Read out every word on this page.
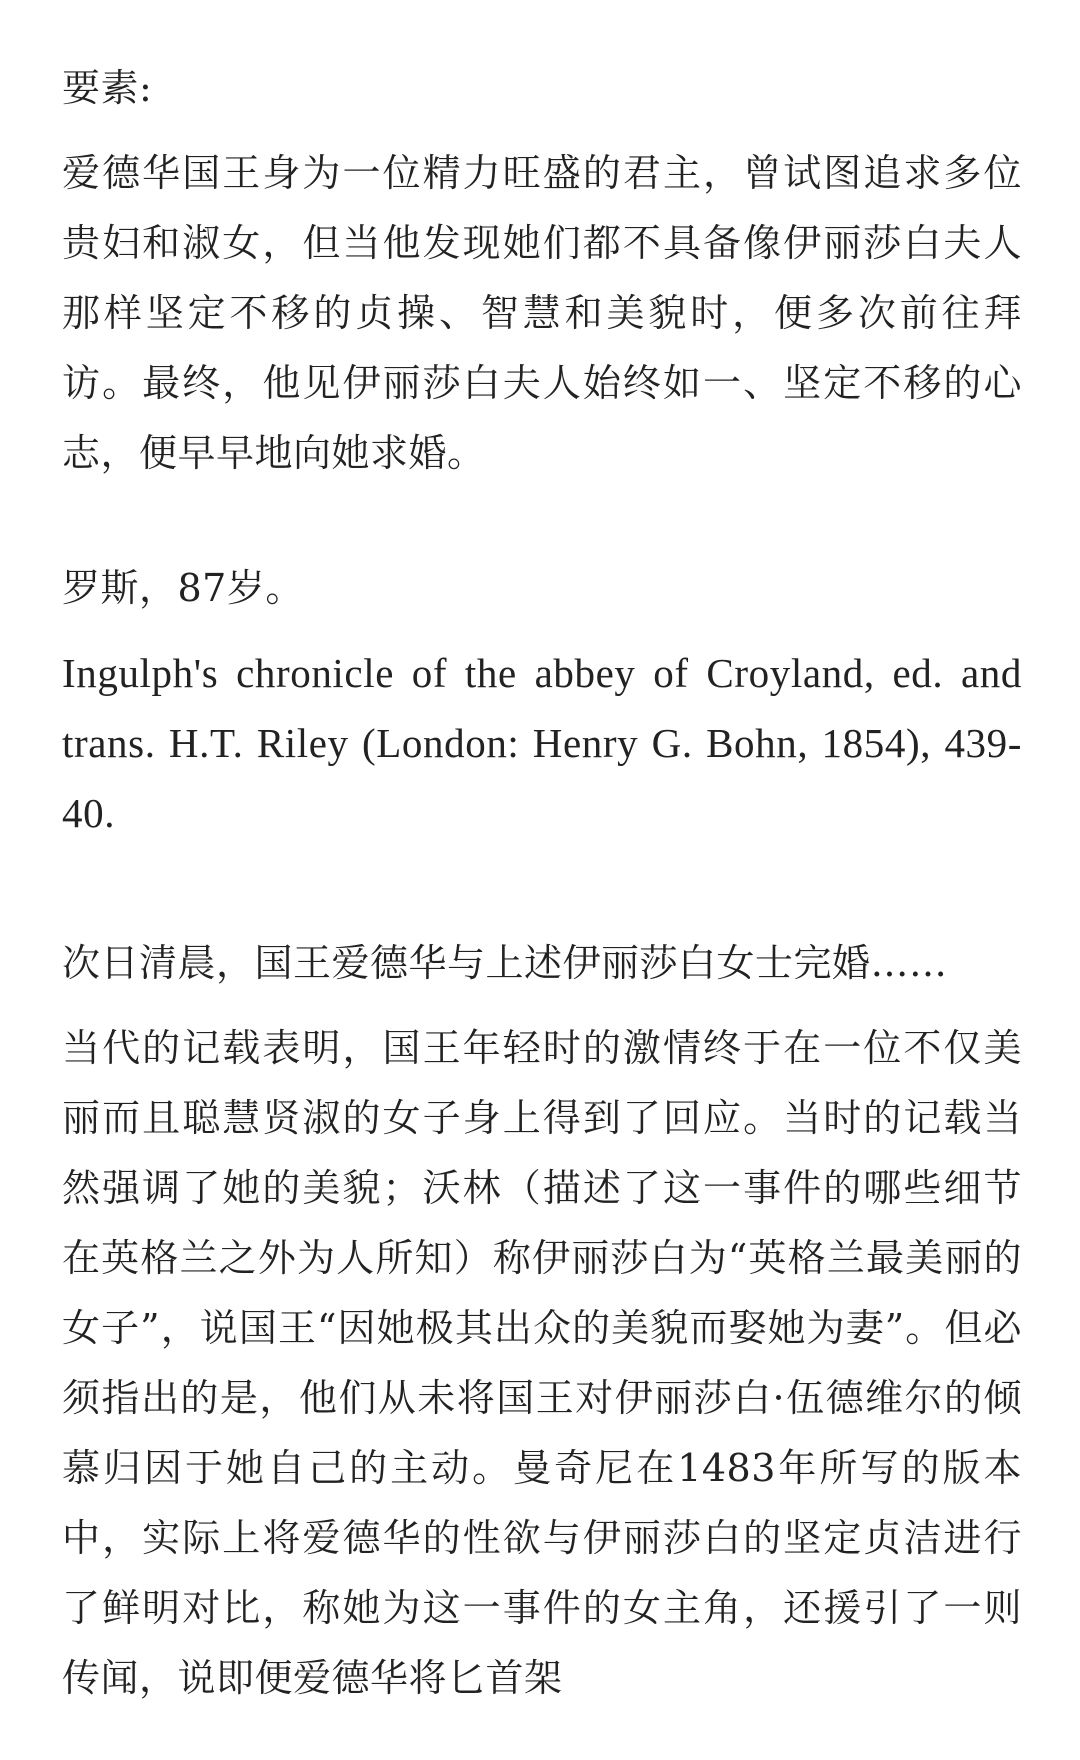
要素:

爱德华国王身为一位精力旺盛的君主，曾试图追求多位贵妇和淑女，但当他发现她们都不具备像伊丽莎白夫人那样坚定不移的贞操、智慧和美貌时，便多次前往拜访。最终，他见伊丽莎白夫人始终如一、坚定不移的心志，便早早地向她求婚。

罗斯，87岁。

Ingulph's chronicle of the abbey of Croyland, ed. and trans. H.T. Riley (London: Henry G. Bohn, 1854), 439-40.

次日清晨，国王爱德华与上述伊丽莎白女士完婚……

当代的记载表明，国王年轻时的激情终于在一位不仅美丽而且聪慧贤淑的女子身上得到了回应。当时的记载当然强调了她的美貌；沃林（描述了这一事件的哪些细节在英格兰之外为人所知）称伊丽莎白为“英格兰最美丽的女子”，说国王“因她极其出众的美貌而娶她为妻”。但必须指出的是，他们从未将国王对伊丽莎白·伍德维尔的倾慕归因于她自己的主动。曼奇尼在1483年所写的版本中，实际上将爱德华的性欲与伊丽莎白的坚定贞洁进行了鲜明对比，称她为这一事件的女主角，还援引了一则传闻，说即便爱德华将匕首架
